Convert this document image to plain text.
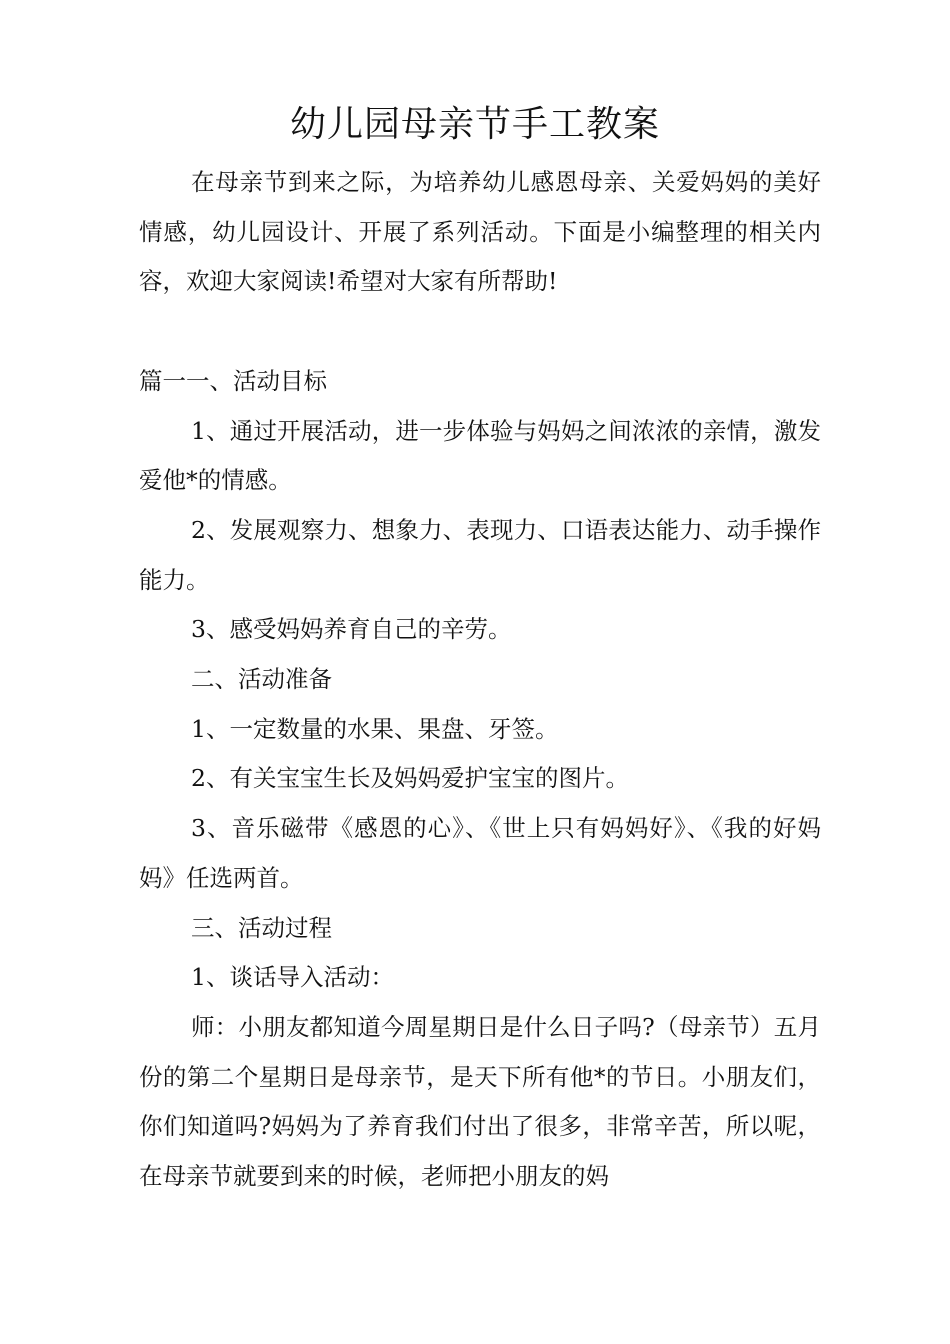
幼儿园母亲节手工教案

在母亲节到来之际，为培养幼儿感恩母亲、关爱妈妈的美好情感，幼儿园设计、开展了系列活动。下面是小编整理的相关内容，欢迎大家阅读!希望对大家有所帮助!

篇一一、活动目标

1、通过开展活动，进一步体验与妈妈之间浓浓的亲情，激发爱他*的情感。

2、发展观察力、想象力、表现力、口语表达能力、动手操作能力。

3、感受妈妈养育自己的辛劳。

二、活动准备

1、一定数量的水果、果盘、牙签。

2、有关宝宝生长及妈妈爱护宝宝的图片。

3、音乐磁带《感恩的心》、《世上只有妈妈好》、《我的好妈妈》任选两首。

三、活动过程

1、谈话导入活动：

师：小朋友都知道今周星期日是什么日子吗?（母亲节）五月份的第二个星期日是母亲节，是天下所有他*的节日。小朋友们，你们知道吗?妈妈为了养育我们付出了很多，非常辛苦，所以呢，在母亲节就要到来的时候，老师把小朋友的妈
